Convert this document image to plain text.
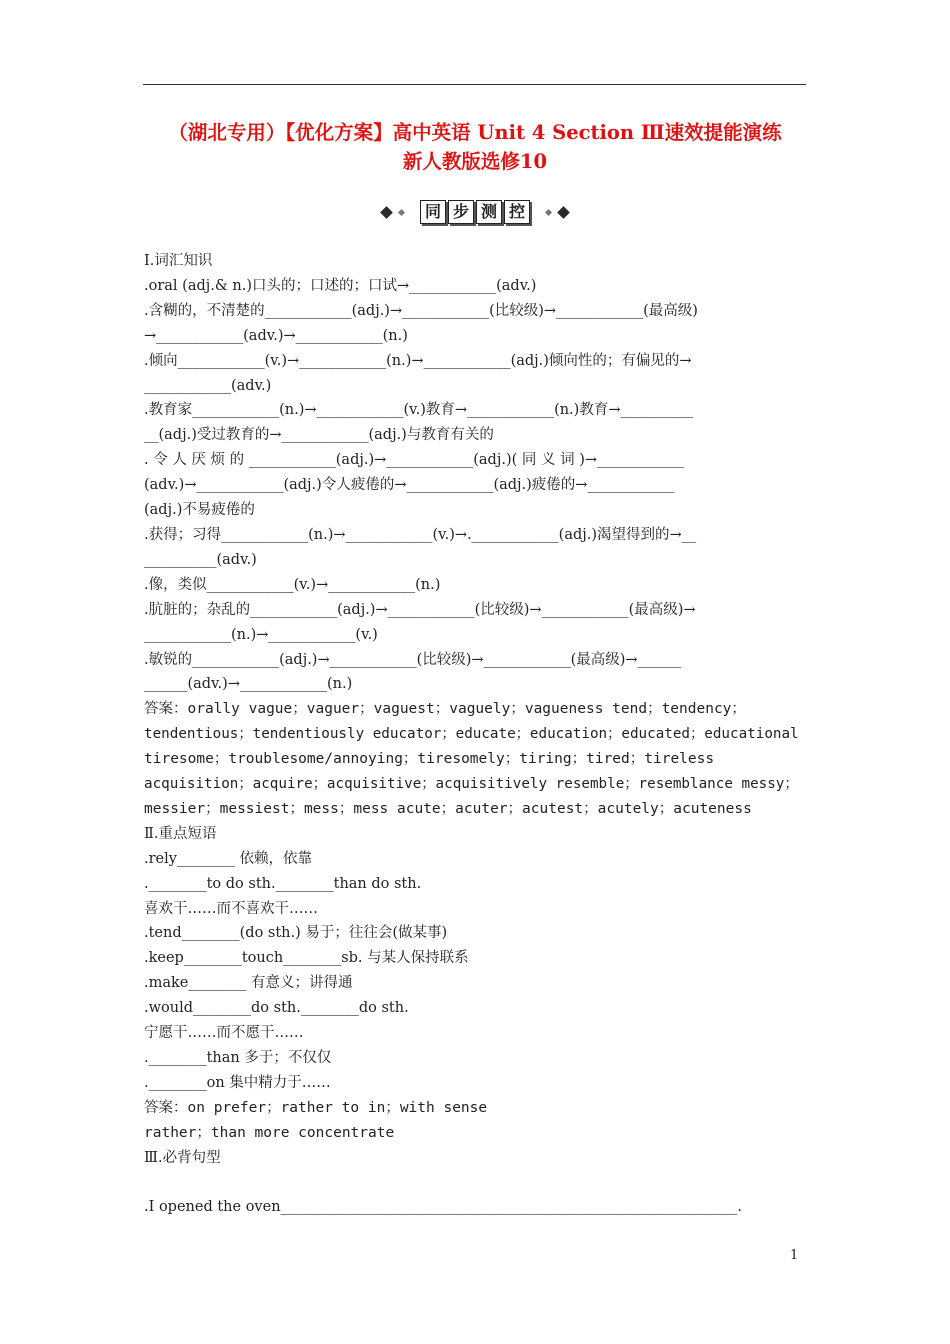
（湖北专用）【优化方案】高中英语 Unit 4 Section Ⅲ速效提能演练
新人教版选修10
同 步 测 控
Ⅰ.词汇知识
.oral (adj.& n.)口头的；口述的；口试→____________(adv.)
.含糊的，不清楚的____________(adj.)→____________(比较级)→____________(最高级)
→____________(adv.)→____________(n.)
.倾向____________(v.)→____________(n.)→____________(adj.)倾向性的；有偏见的→
____________(adv.)
.教育家____________(n.)→____________(v.)教育→____________(n.)教育→__________
__(adj.)受过教育的→____________(adj.)与教育有关的
. 令 人 厌 烦 的 ____________(adj.)→____________(adj.)( 同 义 词 )→____________
(adv.)→____________(adj.)令人疲倦的→____________(adj.)疲倦的→____________
(adj.)不易疲倦的
.获得；习得____________(n.)→____________(v.)→.____________(adj.)渴望得到的→__
__________(adv.)
.像，类似____________(v.)→____________(n.)
.肮脏的；杂乱的____________(adj.)→____________(比较级)→____________(最高级)→
____________(n.)→____________(v.)
.敏锐的____________(adj.)→____________(比较级)→____________(最高级)→______
______(adv.)→____________(n.)
答案：orally vague；vaguer；vaguest；vaguely；vagueness tend；tendency；
tendentious；tendentiously educator；educate；education；educated；educational
tiresome；troublesome/annoying；tiresomely；tiring；tired；tireless
acquisition；acquire；acquisitive；acquisitively resemble；resemblance messy；
messier；messiest；mess；mess acute；acuter；acutest；acutely；acuteness
Ⅱ.重点短语
.rely________ 依赖，依靠
.________to do sth.________than do sth.
喜欢干……而不喜欢干……
.tend________(do sth.) 易于；往往会(做某事)
.keep________touch________sb. 与某人保持联系
.make________ 有意义；讲得通
.would________do sth.________do sth.
宁愿干……而不愿干……
.________than 多于；不仅仅
.________on 集中精力于……
答案：on prefer；rather to in；with sense
rather；than more concentrate
Ⅲ.必背句型

.I opened the oven_______________________________________________________________.
1
